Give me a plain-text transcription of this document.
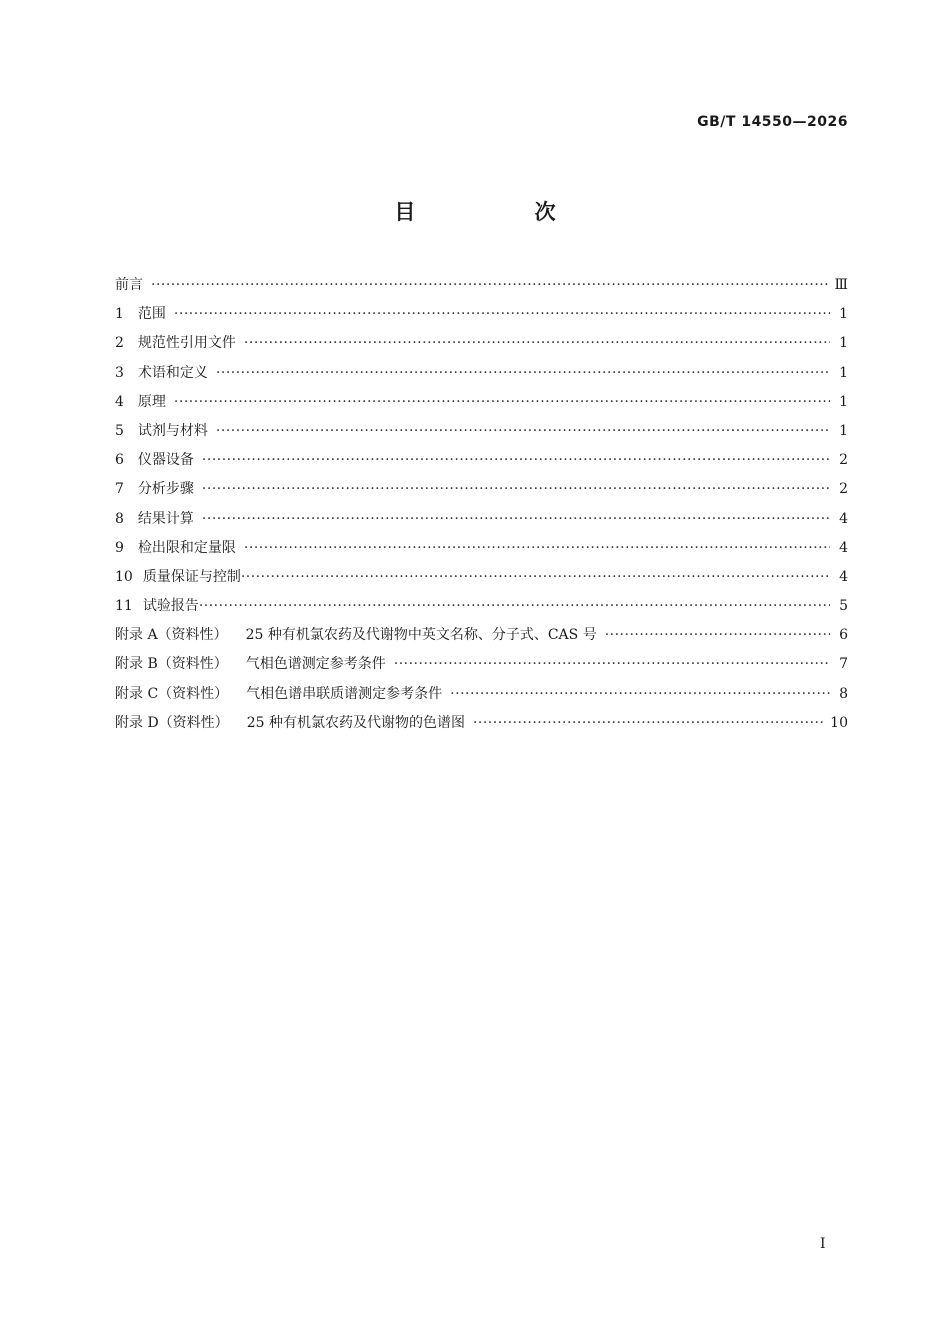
GB/T 14550—2026
目 次
前言 ·····	Ⅲ
1 范围 ·····	1
2 规范性引用文件 ·····	1
3 术语和定义 ·····	1
4 原理 ·····	1
5 试剂与材料 ·····	1
6 仪器设备 ·····	2
7 分析步骤 ·····	2
8 结果计算 ·····	4
9 检出限和定量限 ·····	4
10 质量保证与控制 ·····	4
11 试验报告 ·····	5
附录 A（资料性） 25 种有机氯农药及代谢物中英文名称、分子式、CAS 号 ·····	6
附录 B（资料性） 气相色谱测定参考条件 ·····	7
附录 C（资料性） 气相色谱串联质谱测定参考条件 ·····	8
附录 D（资料性） 25 种有机氯农药及代谢物的色谱图 ·····	10
I
